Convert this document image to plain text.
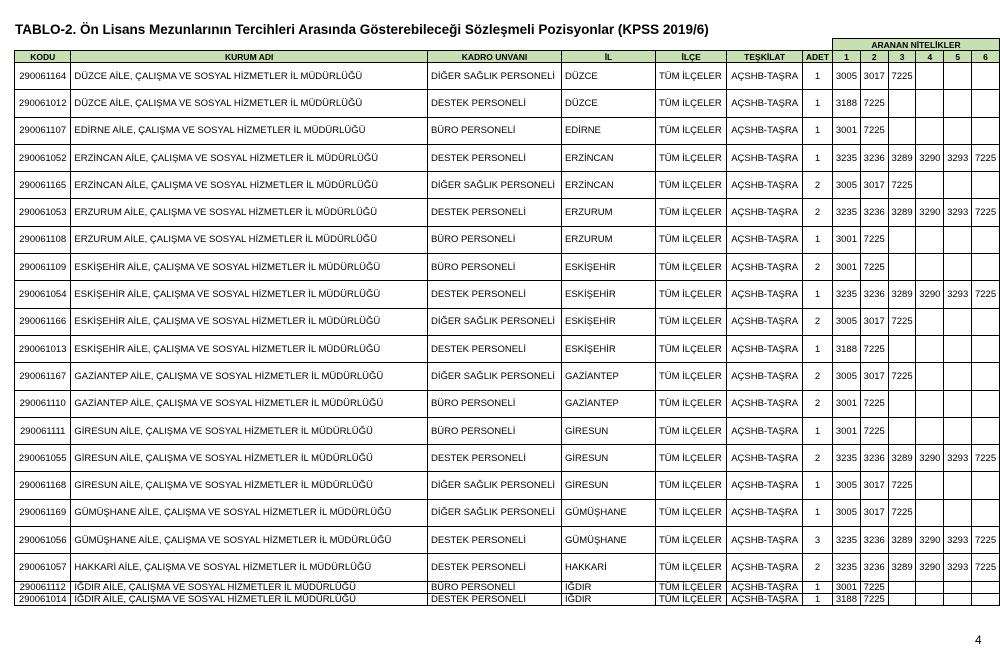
TABLO-2. Ön Lisans Mezunlarının Tercihleri Arasında Gösterebileceği Sözleşmeli Pozisyonlar (KPSS 2019/6)
							ARANAN NİTELİKLER					
KODU	KURUM ADI	KADRO UNVANI	İL	İLÇE	TEŞKİLAT	ADET	1	2	3	4	5	6
290061164	DÜZCE AİLE, ÇALIŞMA VE SOSYAL HİZMETLER İL MÜDÜRLÜĞÜ	DİĞER SAĞLIK PERSONELİ	DÜZCE	TÜM İLÇELER	AÇSHB-TAŞRA	1	3005	3017	7225			
290061012	DÜZCE AİLE, ÇALIŞMA VE SOSYAL HİZMETLER İL MÜDÜRLÜĞÜ	DESTEK PERSONELİ	DÜZCE	TÜM İLÇELER	AÇSHB-TAŞRA	1	3188	7225				
290061107	EDİRNE AİLE, ÇALIŞMA VE SOSYAL HİZMETLER İL MÜDÜRLÜĞÜ	BÜRO PERSONELİ	EDİRNE	TÜM İLÇELER	AÇSHB-TAŞRA	1	3001	7225				
290061052	ERZİNCAN AİLE, ÇALIŞMA VE SOSYAL HİZMETLER İL MÜDÜRLÜĞÜ	DESTEK PERSONELİ	ERZİNCAN	TÜM İLÇELER	AÇSHB-TAŞRA	1	3235	3236	3289	3290	3293	7225
290061165	ERZİNCAN AİLE, ÇALIŞMA VE SOSYAL HİZMETLER İL MÜDÜRLÜĞÜ	DİĞER SAĞLIK PERSONELİ	ERZİNCAN	TÜM İLÇELER	AÇSHB-TAŞRA	2	3005	3017	7225			
290061053	ERZURUM AİLE, ÇALIŞMA VE SOSYAL HİZMETLER İL MÜDÜRLÜĞÜ	DESTEK PERSONELİ	ERZURUM	TÜM İLÇELER	AÇSHB-TAŞRA	2	3235	3236	3289	3290	3293	7225
290061108	ERZURUM AİLE, ÇALIŞMA VE SOSYAL HİZMETLER İL MÜDÜRLÜĞÜ	BÜRO PERSONELİ	ERZURUM	TÜM İLÇELER	AÇSHB-TAŞRA	1	3001	7225				
290061109	ESKİŞEHİR AİLE, ÇALIŞMA VE SOSYAL HİZMETLER İL MÜDÜRLÜĞÜ	BÜRO PERSONELİ	ESKİŞEHİR	TÜM İLÇELER	AÇSHB-TAŞRA	2	3001	7225				
290061054	ESKİŞEHİR AİLE, ÇALIŞMA VE SOSYAL HİZMETLER İL MÜDÜRLÜĞÜ	DESTEK PERSONELİ	ESKİŞEHİR	TÜM İLÇELER	AÇSHB-TAŞRA	1	3235	3236	3289	3290	3293	7225
290061166	ESKİŞEHİR AİLE, ÇALIŞMA VE SOSYAL HİZMETLER İL MÜDÜRLÜĞÜ	DİĞER SAĞLIK PERSONELİ	ESKİŞEHİR	TÜM İLÇELER	AÇSHB-TAŞRA	2	3005	3017	7225			
290061013	ESKİŞEHİR AİLE, ÇALIŞMA VE SOSYAL HİZMETLER İL MÜDÜRLÜĞÜ	DESTEK PERSONELİ	ESKİŞEHİR	TÜM İLÇELER	AÇSHB-TAŞRA	1	3188	7225				
290061167	GAZİANTEP AİLE, ÇALIŞMA VE SOSYAL HİZMETLER İL MÜDÜRLÜĞÜ	DİĞER SAĞLIK PERSONELİ	GAZİANTEP	TÜM İLÇELER	AÇSHB-TAŞRA	2	3005	3017	7225			
290061110	GAZİANTEP AİLE, ÇALIŞMA VE SOSYAL HİZMETLER İL MÜDÜRLÜĞÜ	BÜRO PERSONELİ	GAZİANTEP	TÜM İLÇELER	AÇSHB-TAŞRA	2	3001	7225				
290061111	GİRESUN AİLE, ÇALIŞMA VE SOSYAL HİZMETLER İL MÜDÜRLÜĞÜ	BÜRO PERSONELİ	GİRESUN	TÜM İLÇELER	AÇSHB-TAŞRA	1	3001	7225				
290061055	GİRESUN AİLE, ÇALIŞMA VE SOSYAL HİZMETLER İL MÜDÜRLÜĞÜ	DESTEK PERSONELİ	GİRESUN	TÜM İLÇELER	AÇSHB-TAŞRA	2	3235	3236	3289	3290	3293	7225
290061168	GİRESUN AİLE, ÇALIŞMA VE SOSYAL HİZMETLER İL MÜDÜRLÜĞÜ	DİĞER SAĞLIK PERSONELİ	GİRESUN	TÜM İLÇELER	AÇSHB-TAŞRA	1	3005	3017	7225			
290061169	GÜMÜŞHANE AİLE, ÇALIŞMA VE SOSYAL HİZMETLER İL MÜDÜRLÜĞÜ	DİĞER SAĞLIK PERSONELİ	GÜMÜŞHANE	TÜM İLÇELER	AÇSHB-TAŞRA	1	3005	3017	7225			
290061056	GÜMÜŞHANE AİLE, ÇALIŞMA VE SOSYAL HİZMETLER İL MÜDÜRLÜĞÜ	DESTEK PERSONELİ	GÜMÜŞHANE	TÜM İLÇELER	AÇSHB-TAŞRA	3	3235	3236	3289	3290	3293	7225
290061057	HAKKARİ AİLE, ÇALIŞMA VE SOSYAL HİZMETLER İL MÜDÜRLÜĞÜ	DESTEK PERSONELİ	HAKKARİ	TÜM İLÇELER	AÇSHB-TAŞRA	2	3235	3236	3289	3290	3293	7225
290061112	IĞDIR AİLE, ÇALIŞMA VE SOSYAL HİZMETLER İL MÜDÜRLÜĞÜ	BÜRO PERSONELİ	IĞDIR	TÜM İLÇELER	AÇSHB-TAŞRA	1	3001	7225				
290061014	IĞDIR AİLE, ÇALIŞMA VE SOSYAL HİZMETLER İL MÜDÜRLÜĞÜ	DESTEK PERSONELİ	IĞDIR	TÜM İLÇELER	AÇSHB-TAŞRA	1	3188	7225				
4
